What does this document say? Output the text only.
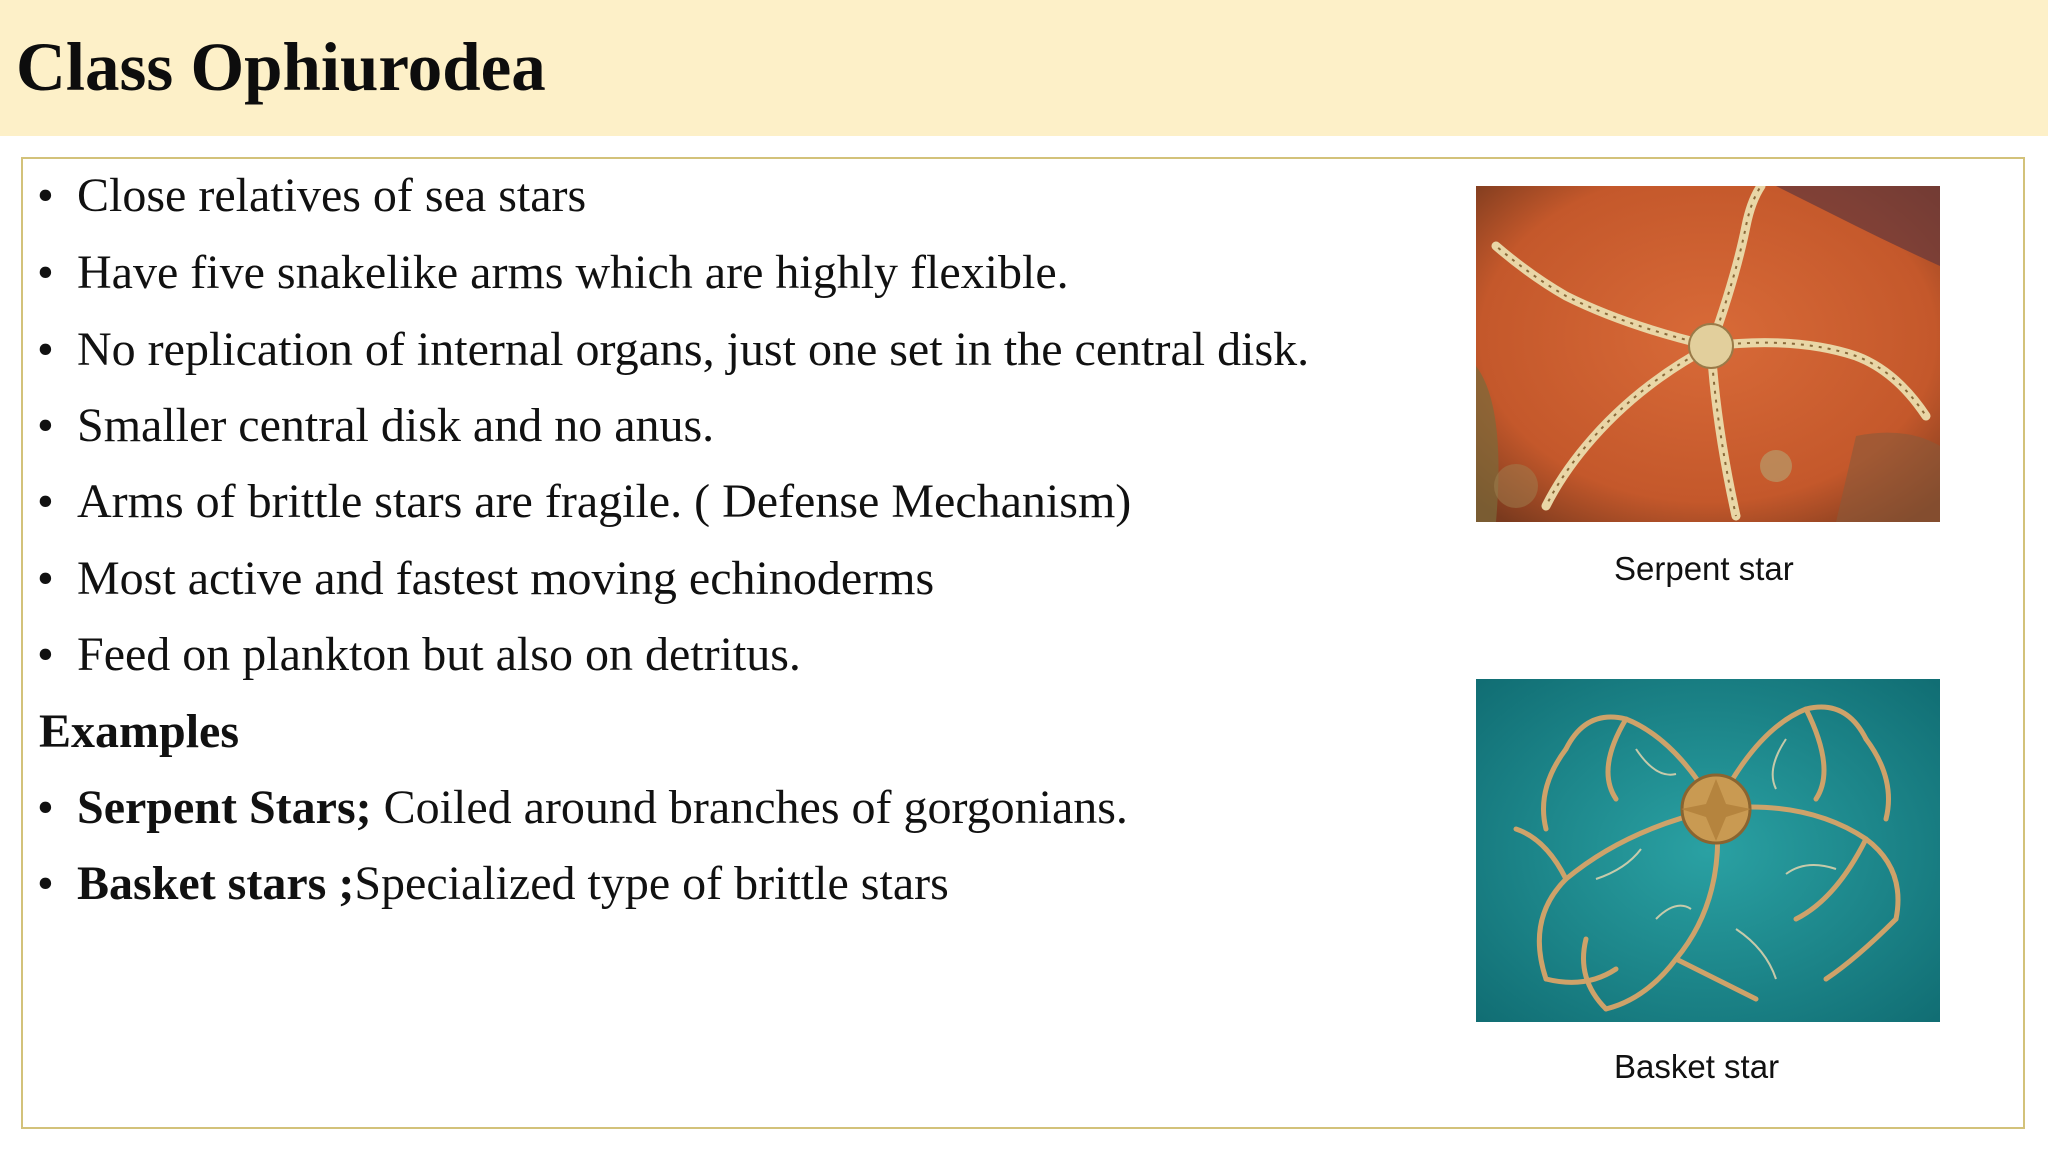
Class Ophiurodea
• Close relatives of sea stars
• Have five snakelike arms which are highly flexible.
• No replication of internal organs, just one set in the central disk.
• Smaller central disk and no anus.
• Arms of brittle stars are fragile. ( Defense Mechanism)
• Most active and fastest moving echinoderms
• Feed on plankton but also on detritus.
Examples
• Serpent Stars; Coiled around branches of gorgonians.
• Basket stars ;Specialized type of brittle stars
Serpent star
Basket star
